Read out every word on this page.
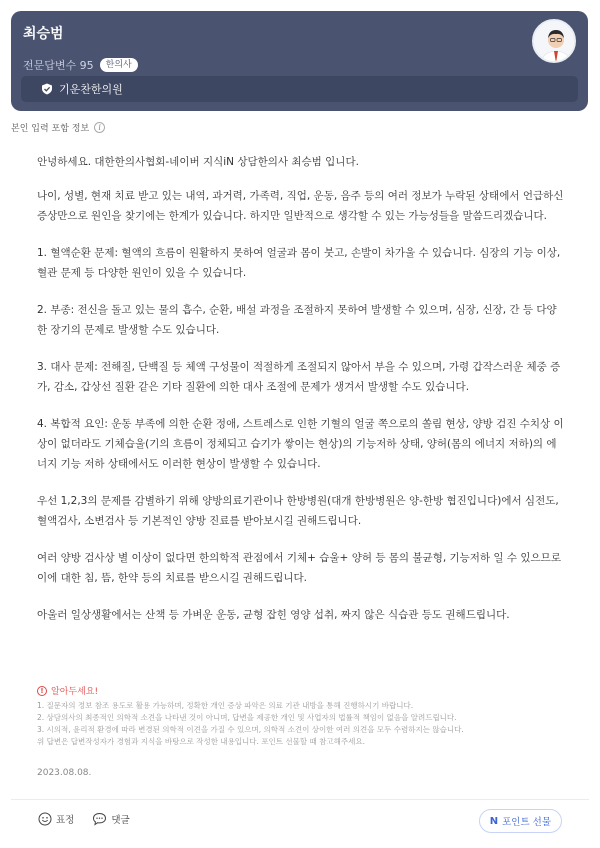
최승범
전문답변수 95	한의사
기운찬한의원
본인 입력 포함 정보	i

안녕하세요. 대한한의사협회-네이버 지식iN 상담한의사 최승범 입니다.

나이, 성별, 현재 치료 받고 있는 내역, 과거력, 가족력, 직업, 운동, 음주 등의 여러 정보가 누락된 상태에서 언급하신
증상만으로 원인을 찾기에는 한계가 있습니다. 하지만 일반적으로 생각할 수 있는 가능성들을 말씀드리겠습니다.

1. 혈액순환 문제: 혈액의 흐름이 원활하지 못하여 얼굴과 몸이 붓고, 손발이 차가울 수 있습니다. 심장의 기능 이상,
혈관 문제 등 다양한 원인이 있을 수 있습니다.

2. 부종: 전신을 돌고 있는 물의 흡수, 순환, 배설 과정을 조절하지 못하여 발생할 수 있으며, 심장, 신장, 간 등 다양
한 장기의 문제로 발생할 수도 있습니다.

3. 대사 문제: 전해질, 단백질 등 체액 구성물이 적절하게 조절되지 않아서 부을 수 있으며, 가령 갑작스러운 체중 증
가, 감소, 갑상선 질환 같은 기타 질환에 의한 대사 조절에 문제가 생겨서 발생할 수도 있습니다.

4. 복합적 요인: 운동 부족에 의한 순환 정애, 스트레스로 인한 기혈의 얼굴 쪽으로의 쏠림 현상, 양방 검진 수치상 이
상이 없더라도 기체습울(기의 흐름이 정체되고 습기가 쌓이는 현상)의 기능저하 상태, 양허(몸의 에너지 저하)의 에
너지 기능 저하 상태에서도 이러한 현상이 발생할 수 있습니다.

우선 1,2,3의 문제를 감별하기 위해 양방의료기관이나 한방병원(대개 한방병원은 양-한방 협진입니다)에서 심전도,
혈액검사, 소변검사 등 기본적인 양방 진료를 받아보시길 권해드립니다.

여러 양방 검사상 별 이상이 없다면 한의학적 관점에서 기체+ 습울+ 양허 등 몸의 불균형, 기능저하 일 수 있으므로
이에 대한 침, 뜸, 한약 등의 치료를 받으시길 권해드립니다.

아울러 일상생활에서는 산책 등 가벼운 운동, 균형 잡힌 영양 섭취, 짜지 않은 식습관 등도 권해드립니다.

! 알아두세요!
1. 질문자의 정보 참조 용도로 활용 가능하며, 정확한 개인 증상 파악은 의료 기관 내방을 통해 진행하시기 바랍니다.
2. 상담의사의 최종적인 의학적 소견을 나타낸 것이 아니며, 답변을 제공한 개인 및 사업자의 법률적 책임이 없음을 알려드립니다.
3. 시의적, 윤리적 환경에 따라 변경된 의학적 이견을 가질 수 있으며, 의학적 소견이 상이한 여러 의견을 모두 수렴하지는 않습니다.
위 답변은 답변작성자가 경험과 지식을 바탕으로 작성한 내용입니다. 포인트 선물할 때 참고해주세요.
2023.08.08.
표정	댓글	N 포인트 선물
